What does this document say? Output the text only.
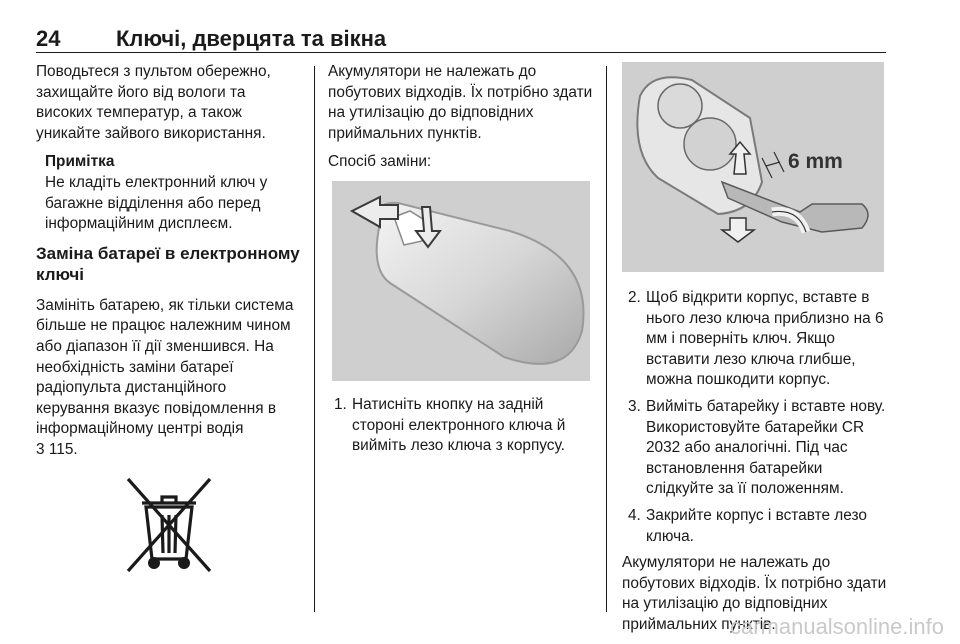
24	Ключі, дверцята та вікна

Поводьтеся з пультом обережно, захищайте його від вологи та високих температур, а також уникайте зайвого використання.

Примітка
Не кладіть електронний ключ у багажне відділення або перед інформаційним дисплеєм.
Заміна батареї в електронному ключі

Замініть батарею, як тільки система більше не працює належним чином або діапазон її дії зменшився. На необхідність заміни батареї радіопульта дистанційного керування вказує повідомлення в інформаційному центрі водія

3 115.

Акумулятори не належать до побутових відходів. Їх потрібно здати на утилізацію до відповідних приймальних пунктів.

Спосіб заміни:

1. Натисніть кнопку на задній стороні електронного ключа й вийміть лезо ключа з корпусу.
6 mm
2. Щоб відкрити корпус, вставте в нього лезо ключа приблизно на 6 мм і поверніть ключ. Якщо вставити лезо ключа глибше, можна пошкодити корпус.
3. Вийміть батарейку і вставте нову. Використовуйте батарейки CR 2032 або аналогічні. Під час встановлення батарейки слідкуйте за її положенням.
4. Закрийте корпус і вставте лезо ключа.

Акумулятори не належать до побутових відходів. Їх потрібно здати на утилізацію до відповідних приймальних пунктів.

carmanualsonline.info
